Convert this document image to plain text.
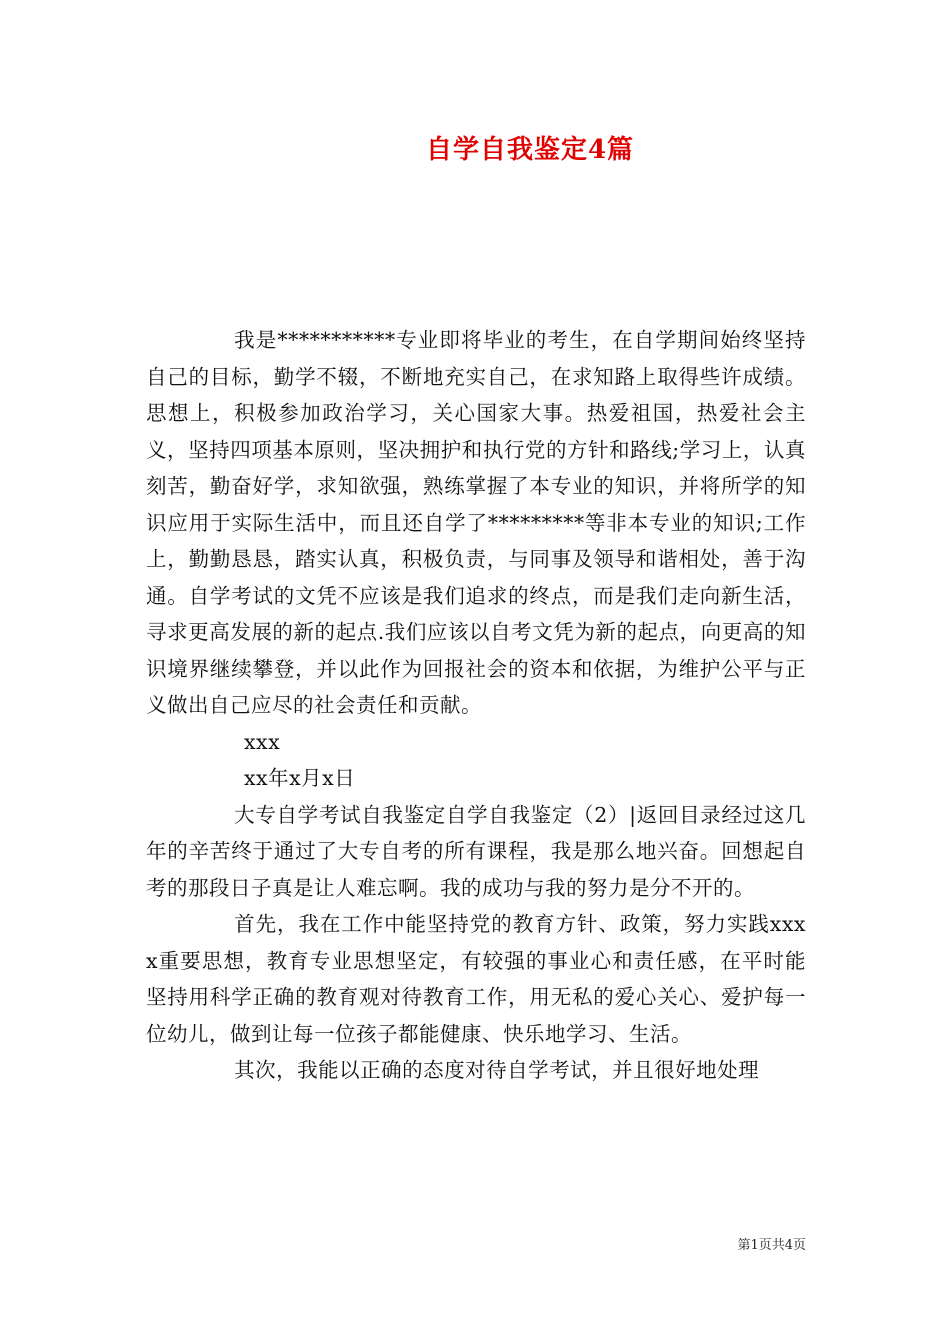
自学自我鉴定4篇

我是***********专业即将毕业的考生，在自学期间始终坚持自己的目标，勤学不辍，不断地充实自己，在求知路上取得些许成绩。思想上，积极参加政治学习，关心国家大事。热爱祖国，热爱社会主义，坚持四项基本原则，坚决拥护和执行党的方针和路线;学习上，认真刻苦，勤奋好学，求知欲强，熟练掌握了本专业的知识，并将所学的知识应用于实际生活中，而且还自学了*********等非本专业的知识;工作上，勤勤恳恳，踏实认真，积极负责，与同事及领导和谐相处，善于沟通。自学考试的文凭不应该是我们追求的终点，而是我们走向新生活，寻求更高发展的新的起点.我们应该以自考文凭为新的起点，向更高的知识境界继续攀登，并以此作为回报社会的资本和依据，为维护公平与正义做出自己应尽的社会责任和贡献。

xxx

xx年x月x日

大专自学考试自我鉴定自学自我鉴定（2）|返回目录经过这几年的辛苦终于通过了大专自考的所有课程，我是那么地兴奋。回想起自考的那段日子真是让人难忘啊。我的成功与我的努力是分不开的。

首先，我在工作中能坚持党的教育方针、政策，努力实践xxxx重要思想，教育专业思想坚定，有较强的事业心和责任感，在平时能坚持用科学正确的教育观对待教育工作，用无私的爱心关心、爱护每一位幼儿，做到让每一位孩子都能健康、快乐地学习、生活。

其次，我能以正确的态度对待自学考试，并且很好地处理

第1页共4页
